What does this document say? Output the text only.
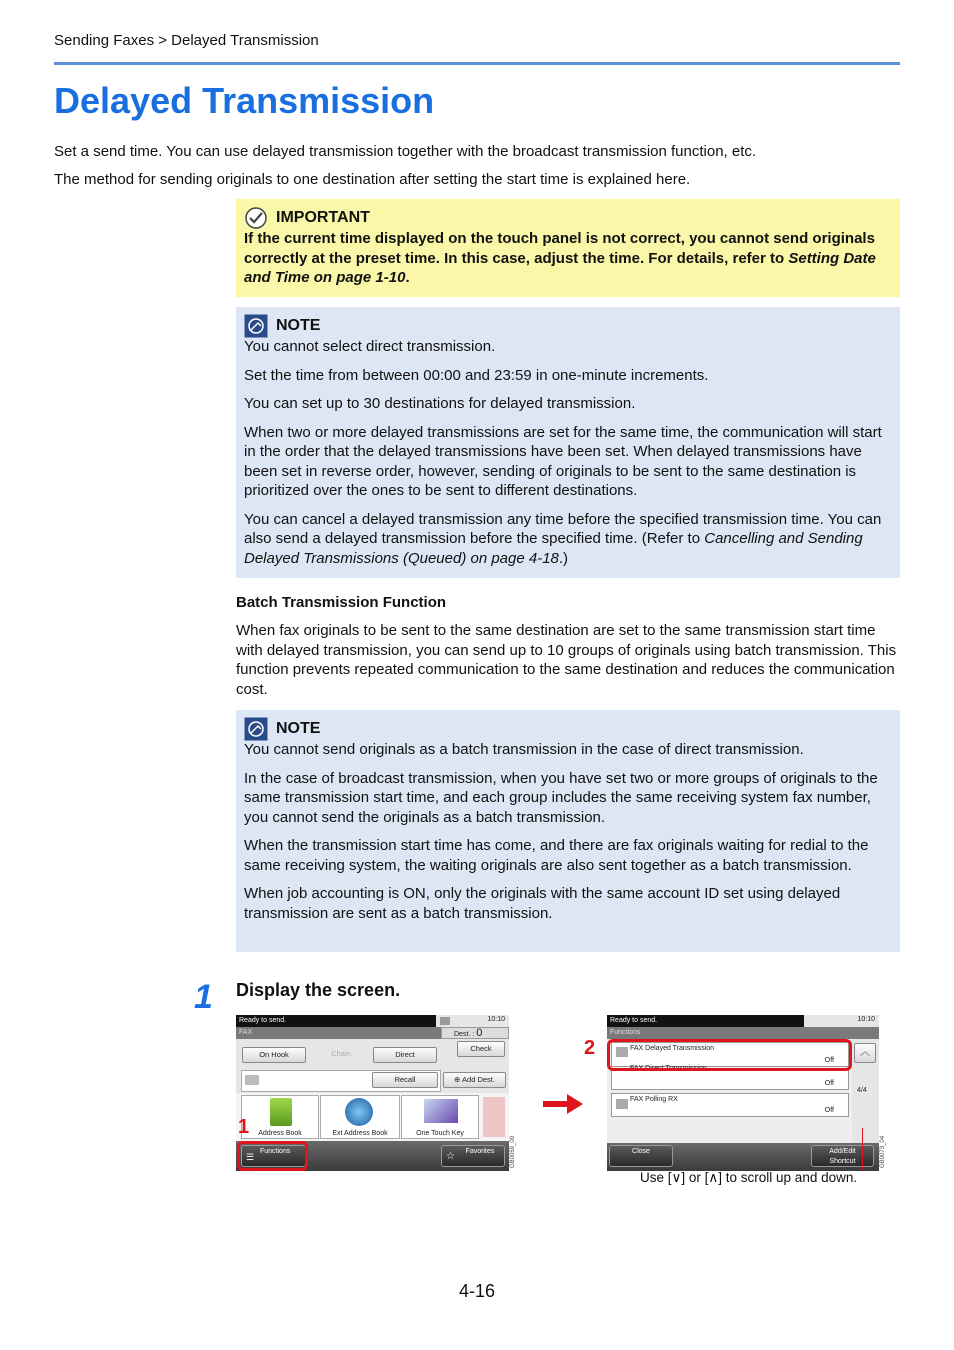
Sending Faxes > Delayed Transmission
Delayed Transmission
Set a send time. You can use delayed transmission together with the broadcast transmission function, etc.
The method for sending originals to one destination after setting the start time is explained here.
IMPORTANT

If the current time displayed on the touch panel is not correct, you cannot send originals correctly at the preset time. In this case, adjust the time. For details, refer to Setting Date and Time on page 1-10.

NOTE

You cannot select direct transmission.

Set the time from between 00:00 and 23:59 in one-minute increments.

You can set up to 30 destinations for delayed transmission.

When two or more delayed transmissions are set for the same time, the communication will start in the order that the delayed transmissions have been set. When delayed transmissions have been set in reverse order, however, sending of originals to be sent to the same destination is prioritized over the ones to be sent to different destinations.

You can cancel a delayed transmission any time before the specified transmission time. You can also send a delayed transmission before the specified time. (Refer to Cancelling and Sending Delayed Transmissions (Queued) on page 4-18.)

Batch Transmission Function
When fax originals to be sent to the same destination are set to the same transmission start time with delayed transmission, you can send up to 10 groups of originals using batch transmission. This function prevents repeated communication to the same destination and reduces the communication cost.
NOTE

You cannot send originals as a batch transmission in the case of direct transmission.

In the case of broadcast transmission, when you have set two or more groups of originals to the same transmission start time, and each group includes the same receiving system fax number, you cannot send the originals as a batch transmission.

When the transmission start time has come, and there are fax originals waiting for redial to the same receiving system, the waiting originals are also sent together as a batch transmission.

When job accounting is ON, only the originals with the same account ID set using delayed transmission are sent as a batch transmission.

1 Display the screen.
Ready to send.	10:10
FAX	Dest. : 0
Check
On Hook	Chain	Direct
Recall	⊕ Add Dest.
Address Book	Ext Address Book	One Touch Key
☰
Functions	☆ Favorites	GB0059_00
1
Ready to send.	10:10
Functions
FAX Delayed Transmission
Off
FAX Direct Transmission
Off
FAX Polling RX
Off
︿
4/4
Close	Add/Edit
Shortcut	GB0073_04
2
Use [∨] or [∧] to scroll up and down.
4-16
